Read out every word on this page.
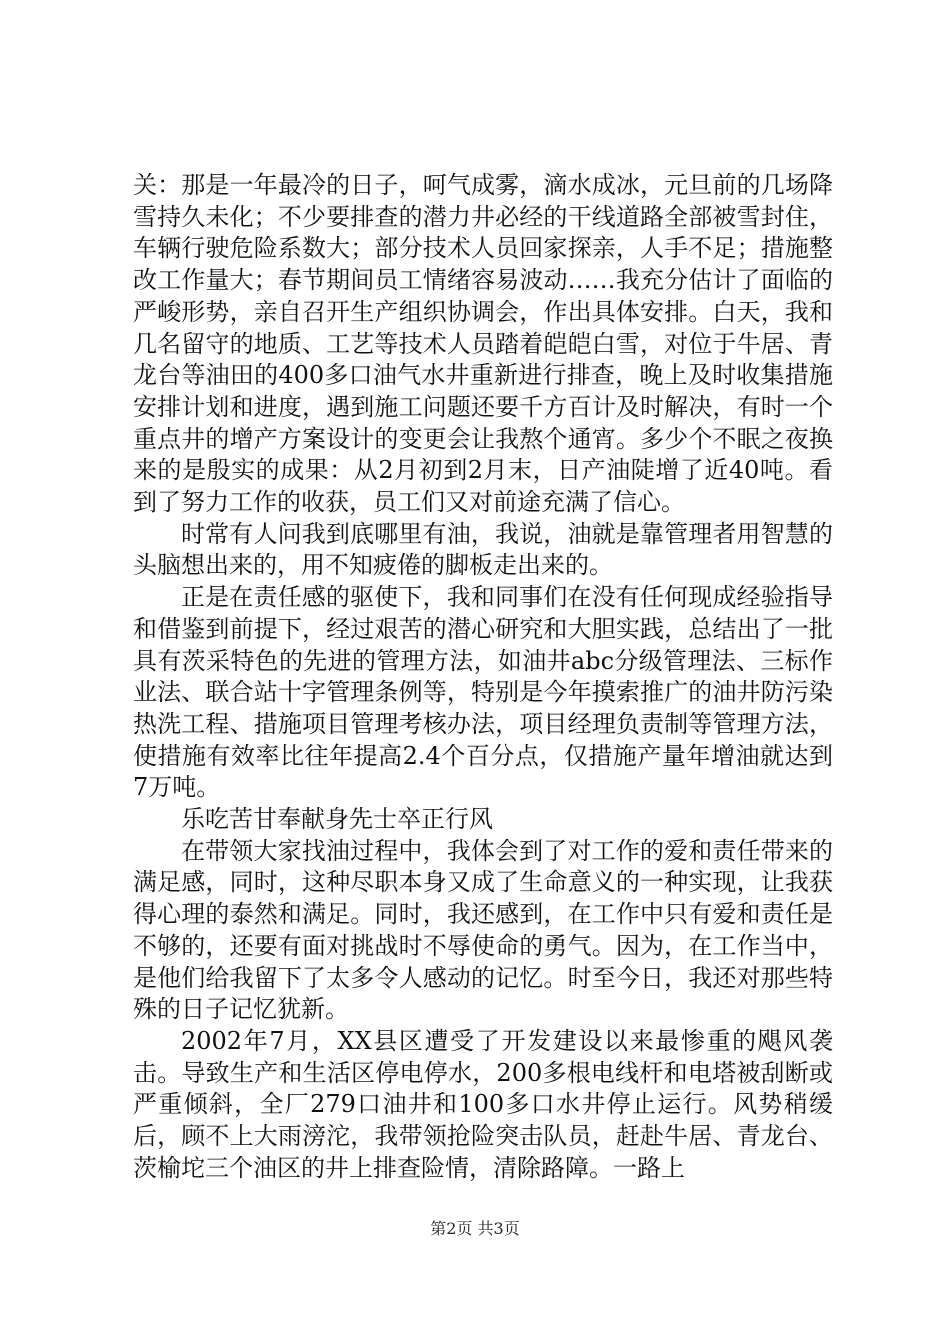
关：那是一年最冷的日子，呵气成雾，滴水成冰，元旦前的几场降雪持久未化；不少要排查的潜力井必经的干线道路全部被雪封住，车辆行驶危险系数大；部分技术人员回家探亲，人手不足；措施整改工作量大；春节期间员工情绪容易波动……我充分估计了面临的严峻形势，亲自召开生产组织协调会，作出具体安排。白天，我和几名留守的地质、工艺等技术人员踏着皑皑白雪，对位于牛居、青龙台等油田的400多口油气水井重新进行排查，晚上及时收集措施安排计划和进度，遇到施工问题还要千方百计及时解决，有时一个重点井的增产方案设计的变更会让我熬个通宵。多少个不眠之夜换来的是殷实的成果：从2月初到2月末，日产油陡增了近40吨。看到了努力工作的收获，员工们又对前途充满了信心。

时常有人问我到底哪里有油，我说，油就是靠管理者用智慧的头脑想出来的，用不知疲倦的脚板走出来的。

正是在责任感的驱使下，我和同事们在没有任何现成经验指导和借鉴到前提下，经过艰苦的潜心研究和大胆实践，总结出了一批具有茨采特色的先进的管理方法，如油井abc分级管理法、三标作业法、联合站十字管理条例等，特别是今年摸索推广的油井防污染热洗工程、措施项目管理考核办法，项目经理负责制等管理方法，使措施有效率比往年提高2.4个百分点，仅措施产量年增油就达到7万吨。

乐吃苦甘奉献身先士卒正行风

在带领大家找油过程中，我体会到了对工作的爱和责任带来的满足感，同时，这种尽职本身又成了生命意义的一种实现，让我获得心理的泰然和满足。同时，我还感到，在工作中只有爱和责任是不够的，还要有面对挑战时不辱使命的勇气。因为，在工作当中，是他们给我留下了太多令人感动的记忆。时至今日，我还对那些特殊的日子记忆犹新。

2002年7月，XX县区遭受了开发建设以来最惨重的飓风袭击。导致生产和生活区停电停水，200多根电线杆和电塔被刮断或严重倾斜，全厂279口油井和100多口水井停止运行。风势稍缓后，顾不上大雨滂沱，我带领抢险突击队员，赶赴牛居、青龙台、茨榆坨三个油区的井上排查险情，清除路障。一路上

第2页 共3页
